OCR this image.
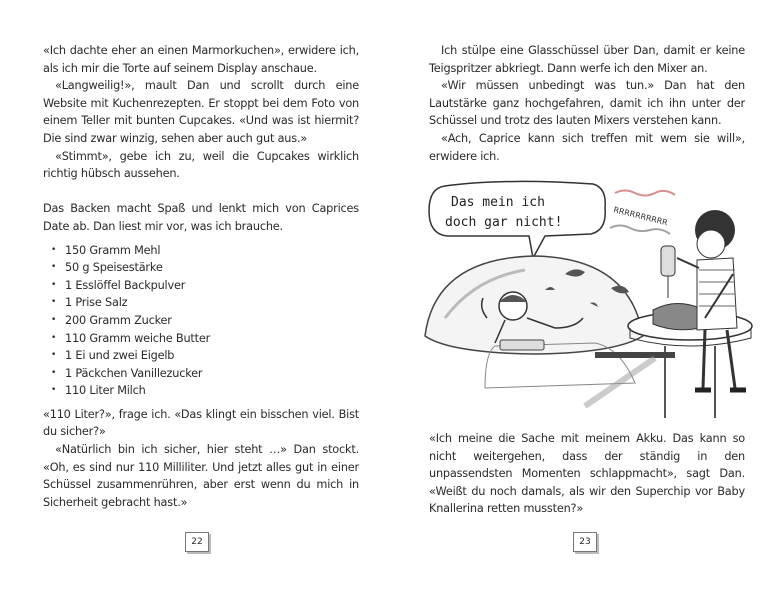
«Ich dachte eher an einen Marmorkuchen», erwidere ich, als ich mir die Torte auf seinem Display anschaue.

«Langweilig!», mault Dan und scrollt durch eine Website mit Kuchenrezepten. Er stoppt bei dem Foto von einem Teller mit bunten Cupcakes. «Und was ist hiermit? Die sind zwar winzig, sehen aber auch gut aus.»

«Stimmt», gebe ich zu, weil die Cupcakes wirklich richtig hübsch aussehen.

Das Backen macht Spaß und lenkt mich von Caprices Date ab. Dan liest mir vor, was ich brauche.

• 150 Gramm Mehl
• 50 g Speisestärke
• 1 Esslöffel Backpulver
• 1 Prise Salz
• 200 Gramm Zucker
• 110 Gramm weiche Butter
• 1 Ei und zwei Eigelb
• 1 Päckchen Vanillezucker
• 110 Liter Milch

«110 Liter?», frage ich. «Das klingt ein bisschen viel. Bist du sicher?»

«Natürlich bin ich sicher, hier steht …» Dan stockt. «Oh, es sind nur 110 Milliliter. Und jetzt alles gut in einer Schüssel zusammenrühren, aber erst wenn du mich in Sicherheit gebracht hast.»

22

Ich stülpe eine Glasschüssel über Dan, damit er keine Teigspritzer abkriegt. Dann werfe ich den Mixer an.

«Wir müssen unbedingt was tun.» Dan hat den Lautstärke ganz hochgefahren, damit ich ihn unter der Schüssel und trotz des lauten Mixers verstehen kann.

«Ach, Caprice kann sich treffen mit wem sie will», erwidere ich.

Das mein ich
doch gar nicht!	RRRRRRRRRR

«Ich meine die Sache mit meinem Akku. Das kann so nicht weitergehen, dass der ständig in den unpassendsten Momenten schlappmacht», sagt Dan. «Weißt du noch damals, als wir den Superchip vor Baby Knallerina retten mussten?»

23
